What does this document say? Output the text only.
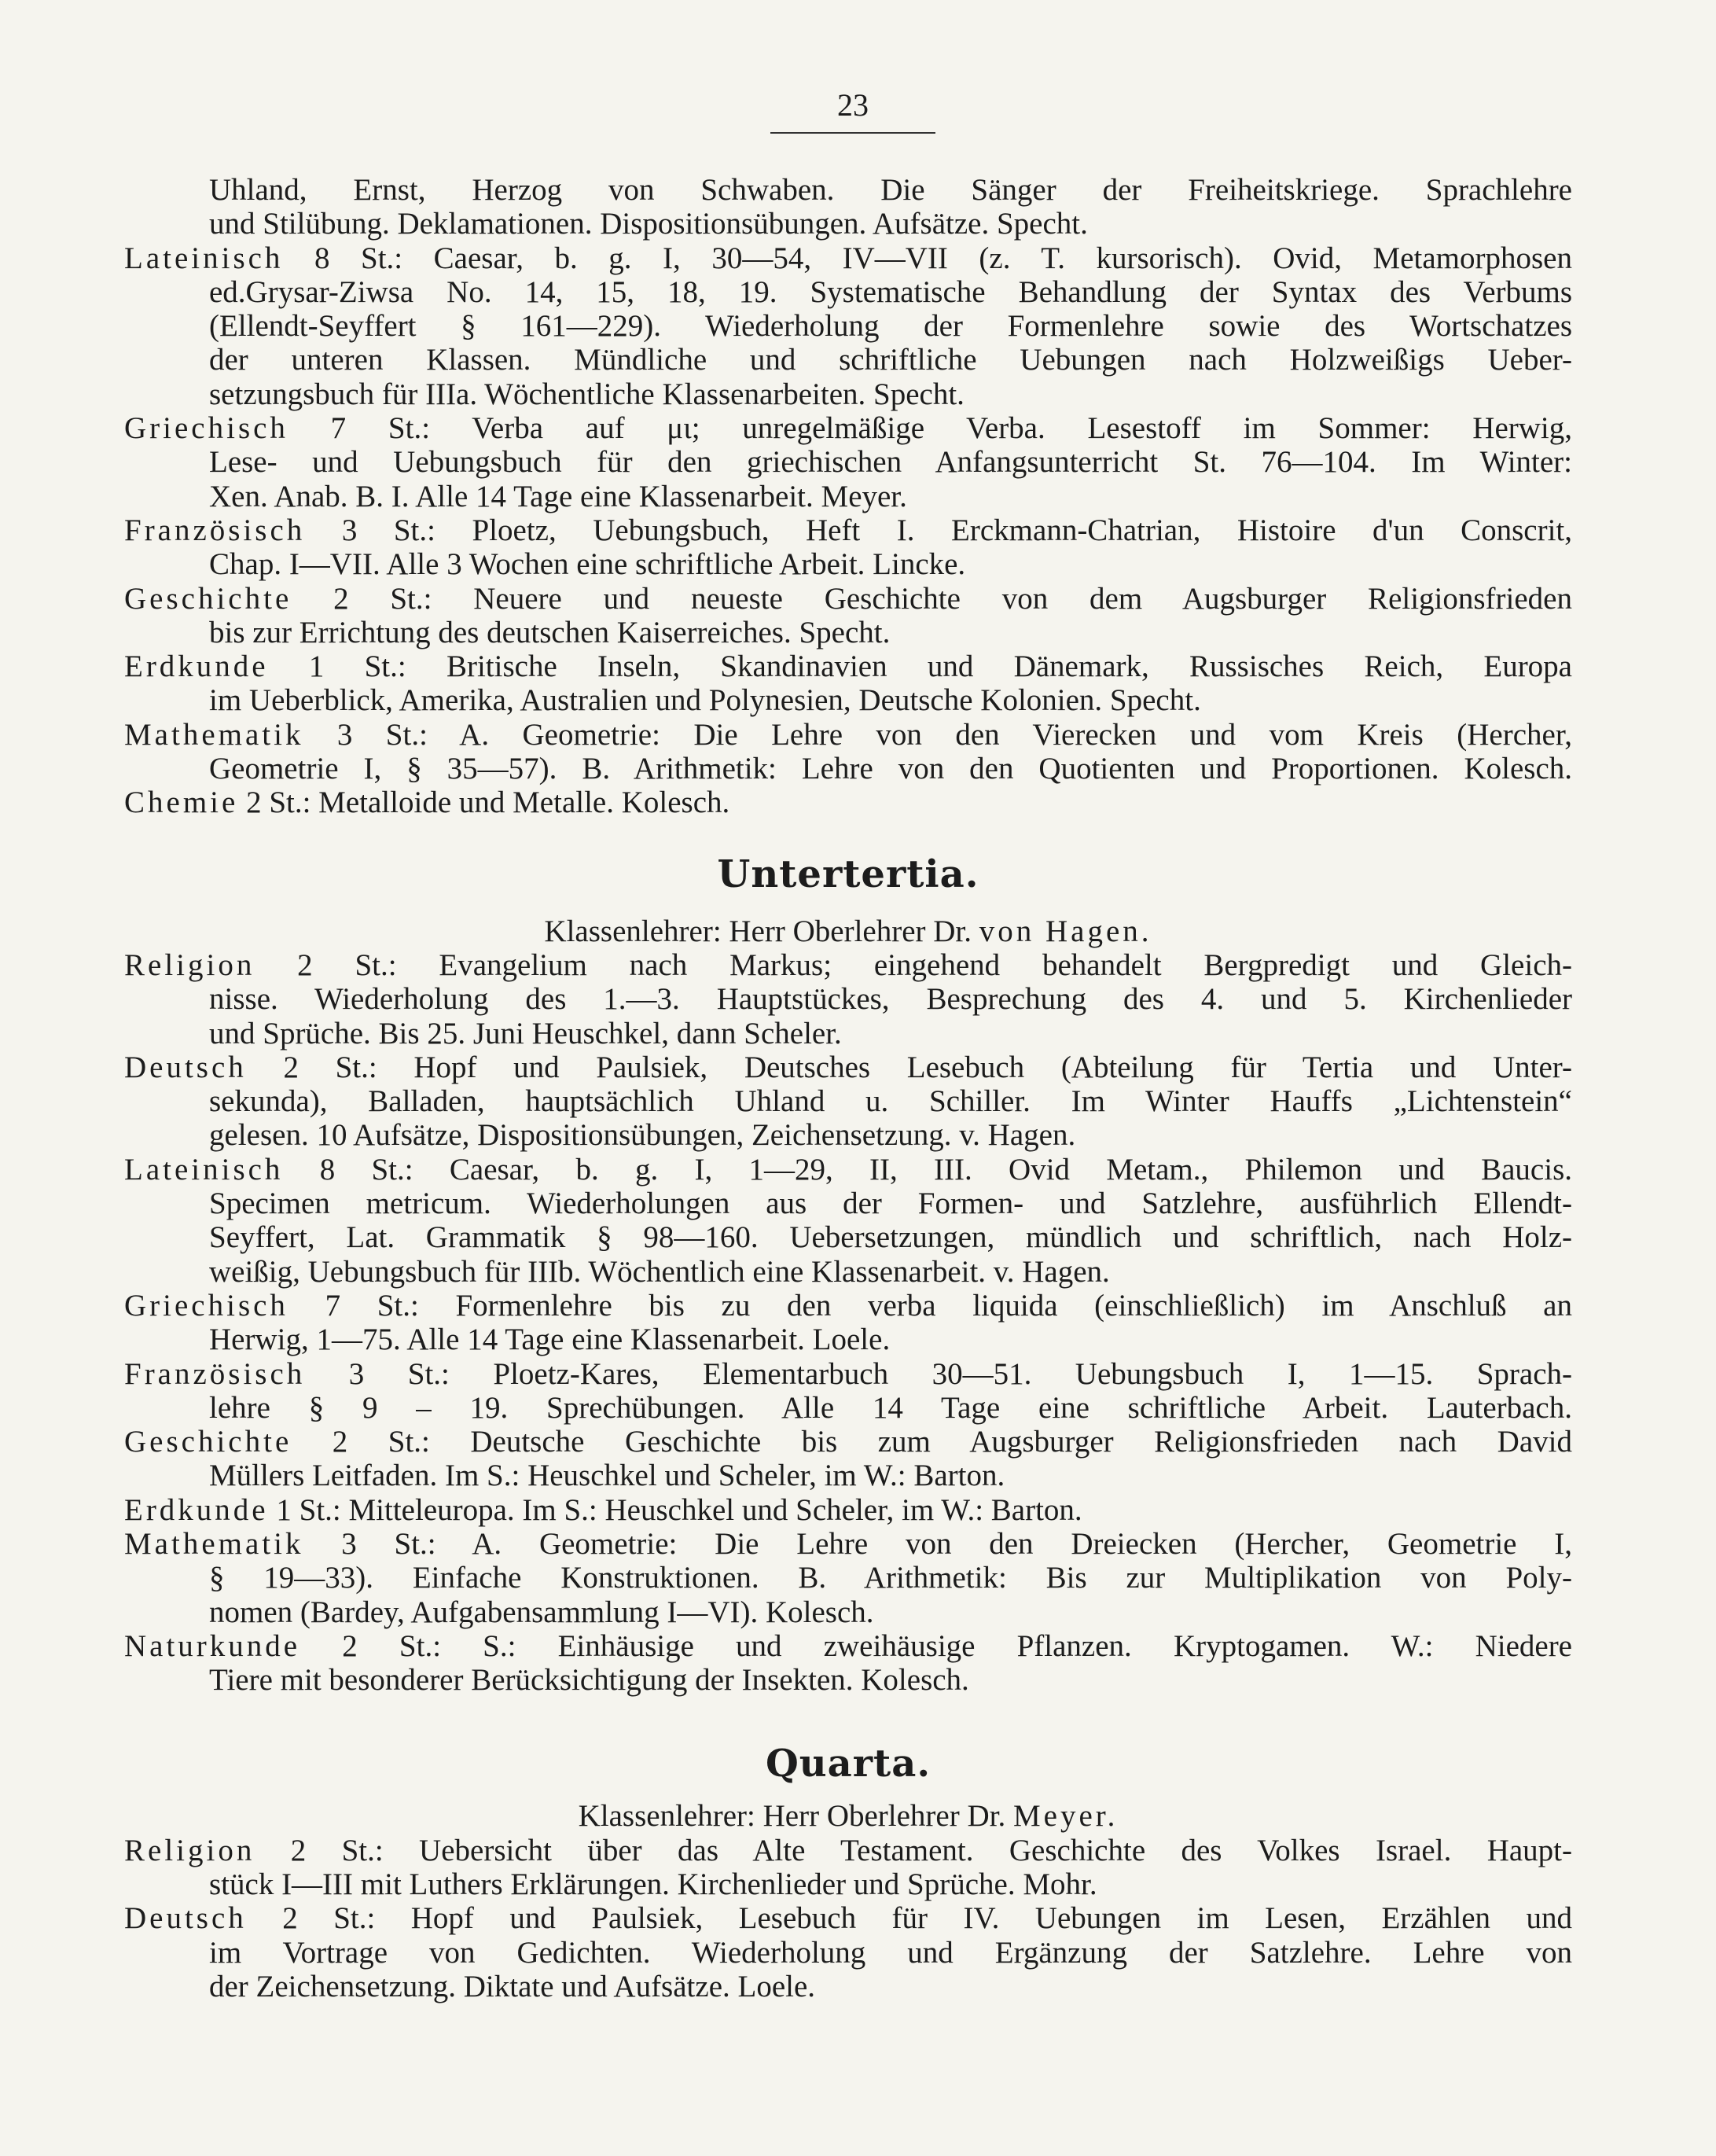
23
Uhland, Ernst, Herzog von Schwaben. Die Sänger der Freiheitskriege. Sprachlehre
und Stilübung. Deklamationen. Dispositionsübungen. Aufsätze. Specht.
Lateinisch 8 St.: Caesar, b. g. I, 30—54, IV—VII (z. T. kursorisch). Ovid, Metamorphosen
ed.Grysar-Ziwsa No. 14, 15, 18, 19. Systematische Behandlung der Syntax des Verbums
(Ellendt-Seyffert § 161—229). Wiederholung der Formenlehre sowie des Wortschatzes
der unteren Klassen. Mündliche und schriftliche Uebungen nach Holzweißigs Ueber-
setzungsbuch für IIIa. Wöchentliche Klassenarbeiten. Specht.
Griechisch 7 St.: Verba auf μι; unregelmäßige Verba. Lesestoff im Sommer: Herwig,
Lese- und Uebungsbuch für den griechischen Anfangsunterricht St. 76—104. Im Winter:
Xen. Anab. B. I. Alle 14 Tage eine Klassenarbeit. Meyer.
Französisch 3 St.: Ploetz, Uebungsbuch, Heft I. Erckmann-Chatrian, Histoire d'un Conscrit,
Chap. I—VII. Alle 3 Wochen eine schriftliche Arbeit. Lincke.
Geschichte 2 St.: Neuere und neueste Geschichte von dem Augsburger Religionsfrieden
bis zur Errichtung des deutschen Kaiserreiches. Specht.
Erdkunde 1 St.: Britische Inseln, Skandinavien und Dänemark, Russisches Reich, Europa
im Ueberblick, Amerika, Australien und Polynesien, Deutsche Kolonien. Specht.
Mathematik 3 St.: A. Geometrie: Die Lehre von den Vierecken und vom Kreis (Hercher,
Geometrie I, § 35—57). B. Arithmetik: Lehre von den Quotienten und Proportionen. Kolesch.
Chemie 2 St.: Metalloide und Metalle. Kolesch.
Untertertia.
Klassenlehrer: Herr Oberlehrer Dr. von Hagen.
Religion 2 St.: Evangelium nach Markus; eingehend behandelt Bergpredigt und Gleich-
nisse. Wiederholung des 1.—3. Hauptstückes, Besprechung des 4. und 5. Kirchenlieder
und Sprüche. Bis 25. Juni Heuschkel, dann Scheler.
Deutsch 2 St.: Hopf und Paulsiek, Deutsches Lesebuch (Abteilung für Tertia und Unter-
sekunda), Balladen, hauptsächlich Uhland u. Schiller. Im Winter Hauffs „Lichtenstein“
gelesen. 10 Aufsätze, Dispositionsübungen, Zeichensetzung. v. Hagen.
Lateinisch 8 St.: Caesar, b. g. I, 1—29, II, III. Ovid Metam., Philemon und Baucis.
Specimen metricum. Wiederholungen aus der Formen- und Satzlehre, ausführlich Ellendt-
Seyffert, Lat. Grammatik § 98—160. Uebersetzungen, mündlich und schriftlich, nach Holz-
weißig, Uebungsbuch für IIIb. Wöchentlich eine Klassenarbeit. v. Hagen.
Griechisch 7 St.: Formenlehre bis zu den verba liquida (einschließlich) im Anschluß an
Herwig, 1—75. Alle 14 Tage eine Klassenarbeit. Loele.
Französisch 3 St.: Ploetz-Kares, Elementarbuch 30—51. Uebungsbuch I, 1—15. Sprach-
lehre § 9 – 19. Sprechübungen. Alle 14 Tage eine schriftliche Arbeit. Lauterbach.
Geschichte 2 St.: Deutsche Geschichte bis zum Augsburger Religionsfrieden nach David
Müllers Leitfaden. Im S.: Heuschkel und Scheler, im W.: Barton.
Erdkunde 1 St.: Mitteleuropa. Im S.: Heuschkel und Scheler, im W.: Barton.
Mathematik 3 St.: A. Geometrie: Die Lehre von den Dreiecken (Hercher, Geometrie I,
§ 19—33). Einfache Konstruktionen. B. Arithmetik: Bis zur Multiplikation von Poly-
nomen (Bardey, Aufgabensammlung I—VI). Kolesch.
Naturkunde 2 St.: S.: Einhäusige und zweihäusige Pflanzen. Kryptogamen. W.: Niedere
Tiere mit besonderer Berücksichtigung der Insekten. Kolesch.
Quarta.
Klassenlehrer: Herr Oberlehrer Dr. Meyer.
Religion 2 St.: Uebersicht über das Alte Testament. Geschichte des Volkes Israel. Haupt-
stück I—III mit Luthers Erklärungen. Kirchenlieder und Sprüche. Mohr.
Deutsch 2 St.: Hopf und Paulsiek, Lesebuch für IV. Uebungen im Lesen, Erzählen und
im Vortrage von Gedichten. Wiederholung und Ergänzung der Satzlehre. Lehre von
der Zeichensetzung. Diktate und Aufsätze. Loele.
